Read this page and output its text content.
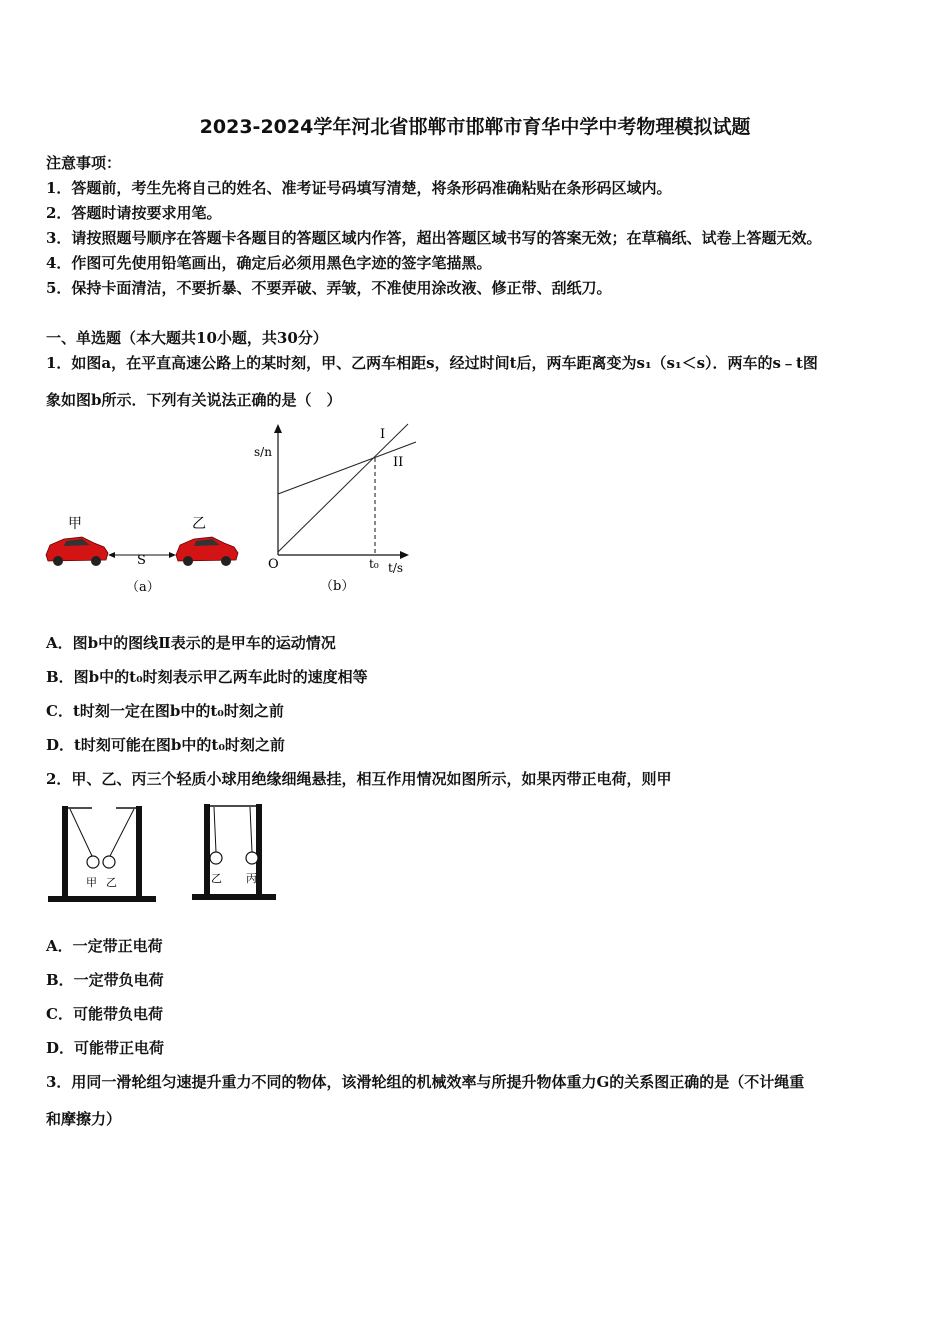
2023-2024学年河北省邯郸市邯郸市育华中学中考物理模拟试题
注意事项：
1．答题前，考生先将自己的姓名、准考证号码填写清楚，将条形码准确粘贴在条形码区域内。
2．答题时请按要求用笔。
3．请按照题号顺序在答题卡各题目的答题区域内作答，超出答题区域书写的答案无效；在草稿纸、试卷上答题无效。
4．作图可先使用铅笔画出，确定后必须用黑色字迹的签字笔描黑。
5．保持卡面清洁，不要折暴、不要弄破、弄皱，不准使用涂改液、修正带、刮纸刀。
一、单选题（本大题共10小题，共30分）
1．如图a，在平直高速公路上的某时刻，甲、乙两车相距s，经过时间t后，两车距离变为s₁（s₁＜s）．两车的s﹣t图
象如图b所示．下列有关说法正确的是（　）
甲	乙
S
（a）
s/n
I
II
O	t₀ t/s
（b）
A．图b中的图线Ⅱ表示的是甲车的运动情况
B．图b中的t₀时刻表示甲乙两车此时的速度相等
C．t时刻一定在图b中的t₀时刻之前
D．t时刻可能在图b中的t₀时刻之前
2．甲、乙、丙三个轻质小球用绝缘细绳悬挂，相互作用情况如图所示，如果丙带正电荷，则甲
甲 乙	乙 丙
A．一定带正电荷
B．一定带负电荷
C．可能带负电荷
D．可能带正电荷
3．用同一滑轮组匀速提升重力不同的物体，该滑轮组的机械效率与所提升物体重力G的关系图正确的是（不计绳重
和摩擦力）
